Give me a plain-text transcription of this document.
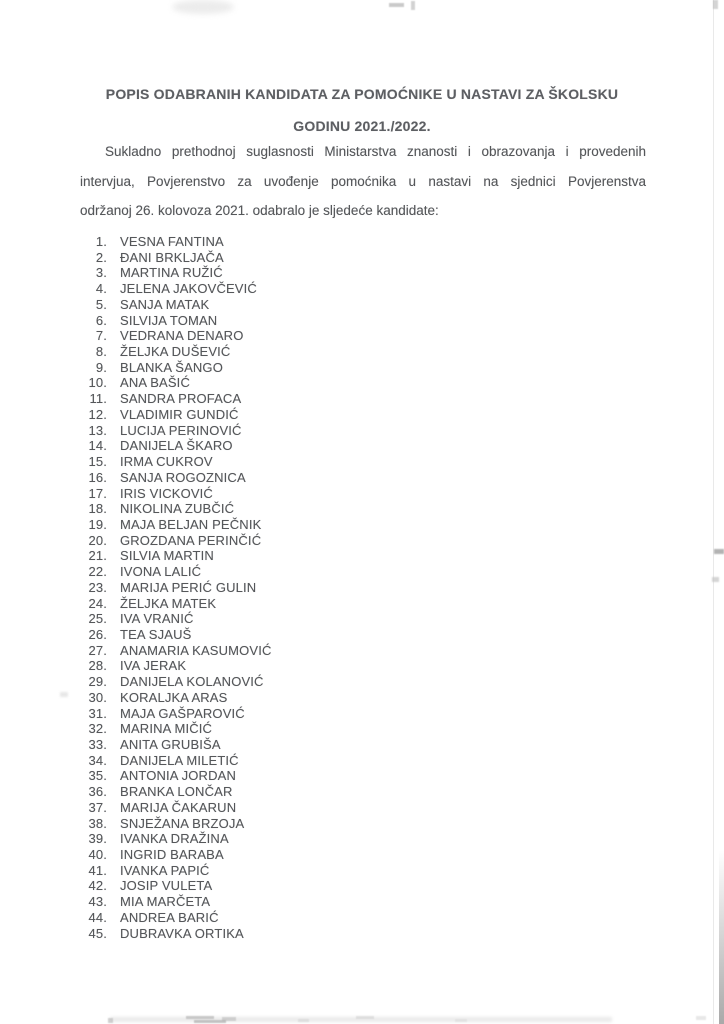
POPIS ODABRANIH KANDIDATA ZA POMOĆNIKE U NASTAVI ZA ŠKOLSKU
GODINU 2021./2022.
Sukladno prethodnoj suglasnosti Ministarstva znanosti i obrazovanja i provedenih
intervjua, Povjerenstvo za uvođenje pomoćnika u nastavi na sjednici Povjerenstva
održanoj 26. kolovoza 2021. odabralo je sljedeće kandidate:
1. VESNA FANTINA
2. ĐANI BRKLJAČA
3. MARTINA RUŽIĆ
4. JELENA JAKOVČEVIĆ
5. SANJA MATAK
6. SILVIJA TOMAN
7. VEDRANA DENARO
8. ŽELJKA DUŠEVIĆ
9. BLANKA ŠANGO
10. ANA BAŠIĆ
11. SANDRA PROFACA
12. VLADIMIR GUNDIĆ
13. LUCIJA PERINOVIĆ
14. DANIJELA ŠKARO
15. IRMA CUKROV
16. SANJA ROGOZNICA
17. IRIS VICKOVIĆ
18. NIKOLINA ZUBČIĆ
19. MAJA BELJAN PEČNIK
20. GROZDANA PERINČIĆ
21. SILVIA MARTIN
22. IVONA LALIĆ
23. MARIJA PERIĆ GULIN
24. ŽELJKA MATEK
25. IVA VRANIĆ
26. TEA SJAUŠ
27. ANAMARIA KASUMOVIĆ
28. IVA JERAK
29. DANIJELA KOLANOVIĆ
30. KORALJKA ARAS
31. MAJA GAŠPAROVIĆ
32. MARINA MIČIĆ
33. ANITA GRUBIŠA
34. DANIJELA MILETIĆ
35. ANTONIA JORDAN
36. BRANKA LONČAR
37. MARIJA ČAKARUN
38. SNJEŽANA BRZOJA
39. IVANKA DRAŽINA
40. INGRID BARABA
41. IVANKA PAPIĆ
42. JOSIP VULETA
43. MIA MARČETA
44. ANDREA BARIĆ
45. DUBRAVKA ORTIKA
